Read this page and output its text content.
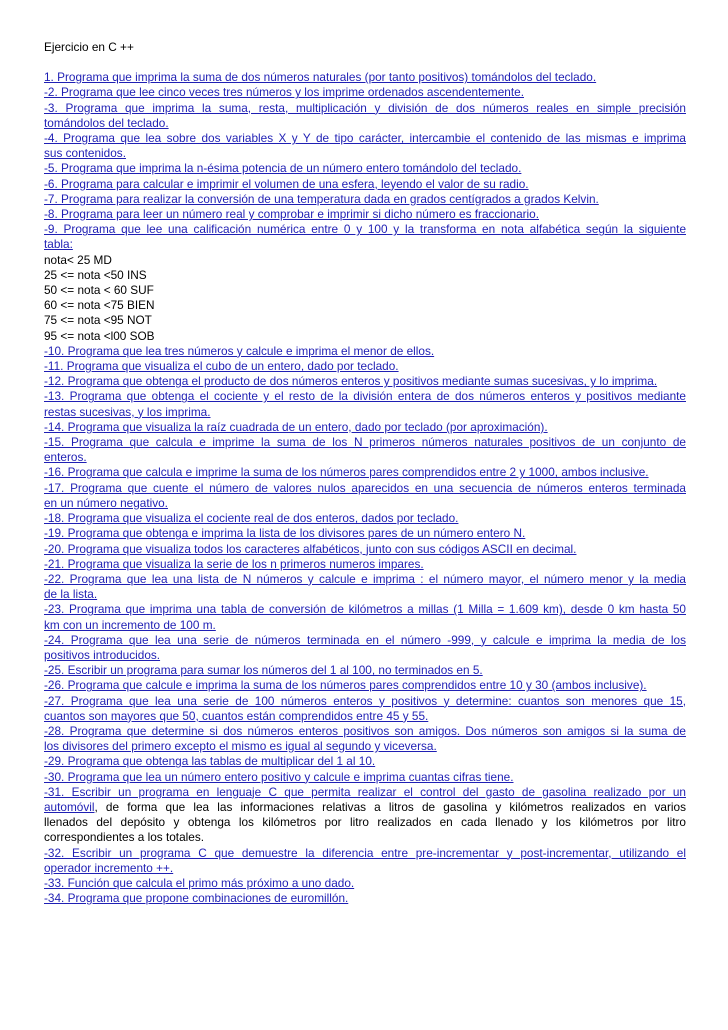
Ejercicio en C ++
1. Programa que imprima la suma de dos números naturales (por tanto positivos) tomándolos del teclado.
-2. Programa que lee cinco veces tres números y los imprime ordenados ascendentemente.
-3. Programa que imprima la suma, resta, multiplicación y división de dos números reales en simple precisión
tomándolos del teclado.
-4. Programa que lea sobre dos variables X y Y de tipo carácter, intercambie el contenido de las mismas e imprima
sus contenidos.
-5. Programa que imprima la n-ésima potencia de un número entero tomándolo del teclado.
-6. Programa para calcular e imprimir el volumen de una esfera, leyendo el valor de su radio.
-7. Programa para realizar la conversión de una temperatura dada en grados centígrados a grados Kelvin.
-8. Programa para leer un número real y comprobar e imprimir si dicho número es fraccionario.
-9. Programa que lee una calificación numérica entre 0 y 100 y la transforma en nota alfabética según la siguiente
tabla:
nota< 25 MD
25 <= nota <50 INS
50 <= nota < 60 SUF
60 <= nota <75 BIEN
75 <= nota <95 NOT
95 <= nota <l00 SOB
-10. Programa que lea tres números y calcule e imprima el menor de ellos.
-11. Programa que visualiza el cubo de un entero, dado por teclado.
-12. Programa que obtenga el producto de dos números enteros y positivos mediante sumas sucesivas, y lo imprima.
-13. Programa que obtenga el cociente y el resto de la división entera de dos números enteros y positivos mediante
restas sucesivas, y los imprima.
-14. Programa que visualiza la raíz cuadrada de un entero, dado por teclado (por aproximación).
-15. Programa que calcula e imprime la suma de los N primeros números naturales positivos de un conjunto de
enteros.
-16. Programa que calcula e imprime la suma de los números pares comprendidos entre 2 y 1000, ambos inclusive.
-17. Programa que cuente el número de valores nulos aparecidos en una secuencia de números enteros terminada
en un número negativo.
-18. Programa que visualiza el cociente real de dos enteros, dados por teclado.
-19. Programa que obtenga e imprima la lista de los divisores pares de un número entero N.
-20. Programa que visualiza todos los caracteres alfabéticos, junto con sus códigos ASCII en decimal.
-21. Programa que visualiza la serie de los n primeros numeros impares.
-22. Programa que lea una lista de N números y calcule e imprima : el número mayor, el número menor y la media
de la lista.
-23. Programa que imprima una tabla de conversión de kilómetros a millas (1 Milla = 1.609 km), desde 0 km hasta 50
km con un incremento de 100 m.
-24. Programa que lea una serie de números terminada en el número -999, y calcule e imprima la media de los
positivos introducidos.
-25. Escribir un programa para sumar los números del 1 al 100, no terminados en 5.
-26. Programa que calcule e imprima la suma de los números pares comprendidos entre 10 y 30 (ambos inclusive).
-27. Programa que lea una serie de 100 números enteros y positivos y determine: cuantos son menores que 15,
cuantos son mayores que 50, cuantos están comprendidos entre 45 y 55.
-28. Programa que determine si dos números enteros positivos son amigos. Dos números son amigos si la suma de
los divisores del primero excepto el mismo es igual al segundo y viceversa.
-29. Programa que obtenga las tablas de multiplicar del 1 al 10.
-30. Programa que lea un número entero positivo y calcule e imprima cuantas cifras tiene.
-31. Escribir un programa en lenguaje C que permita realizar el control del gasto de gasolina realizado por un
automóvil, de forma que lea las informaciones relativas a litros de gasolina y kilómetros realizados en varios
llenados del depósito y obtenga los kilómetros por litro realizados en cada llenado y los kilómetros por litro
correspondientes a los totales.
-32. Escribir un programa C que demuestre la diferencia entre pre-incrementar y post-incrementar, utilizando el
operador incremento ++.
-33. Función que calcula el primo más próximo a uno dado.
-34. Programa que propone combinaciones de euromillón.
